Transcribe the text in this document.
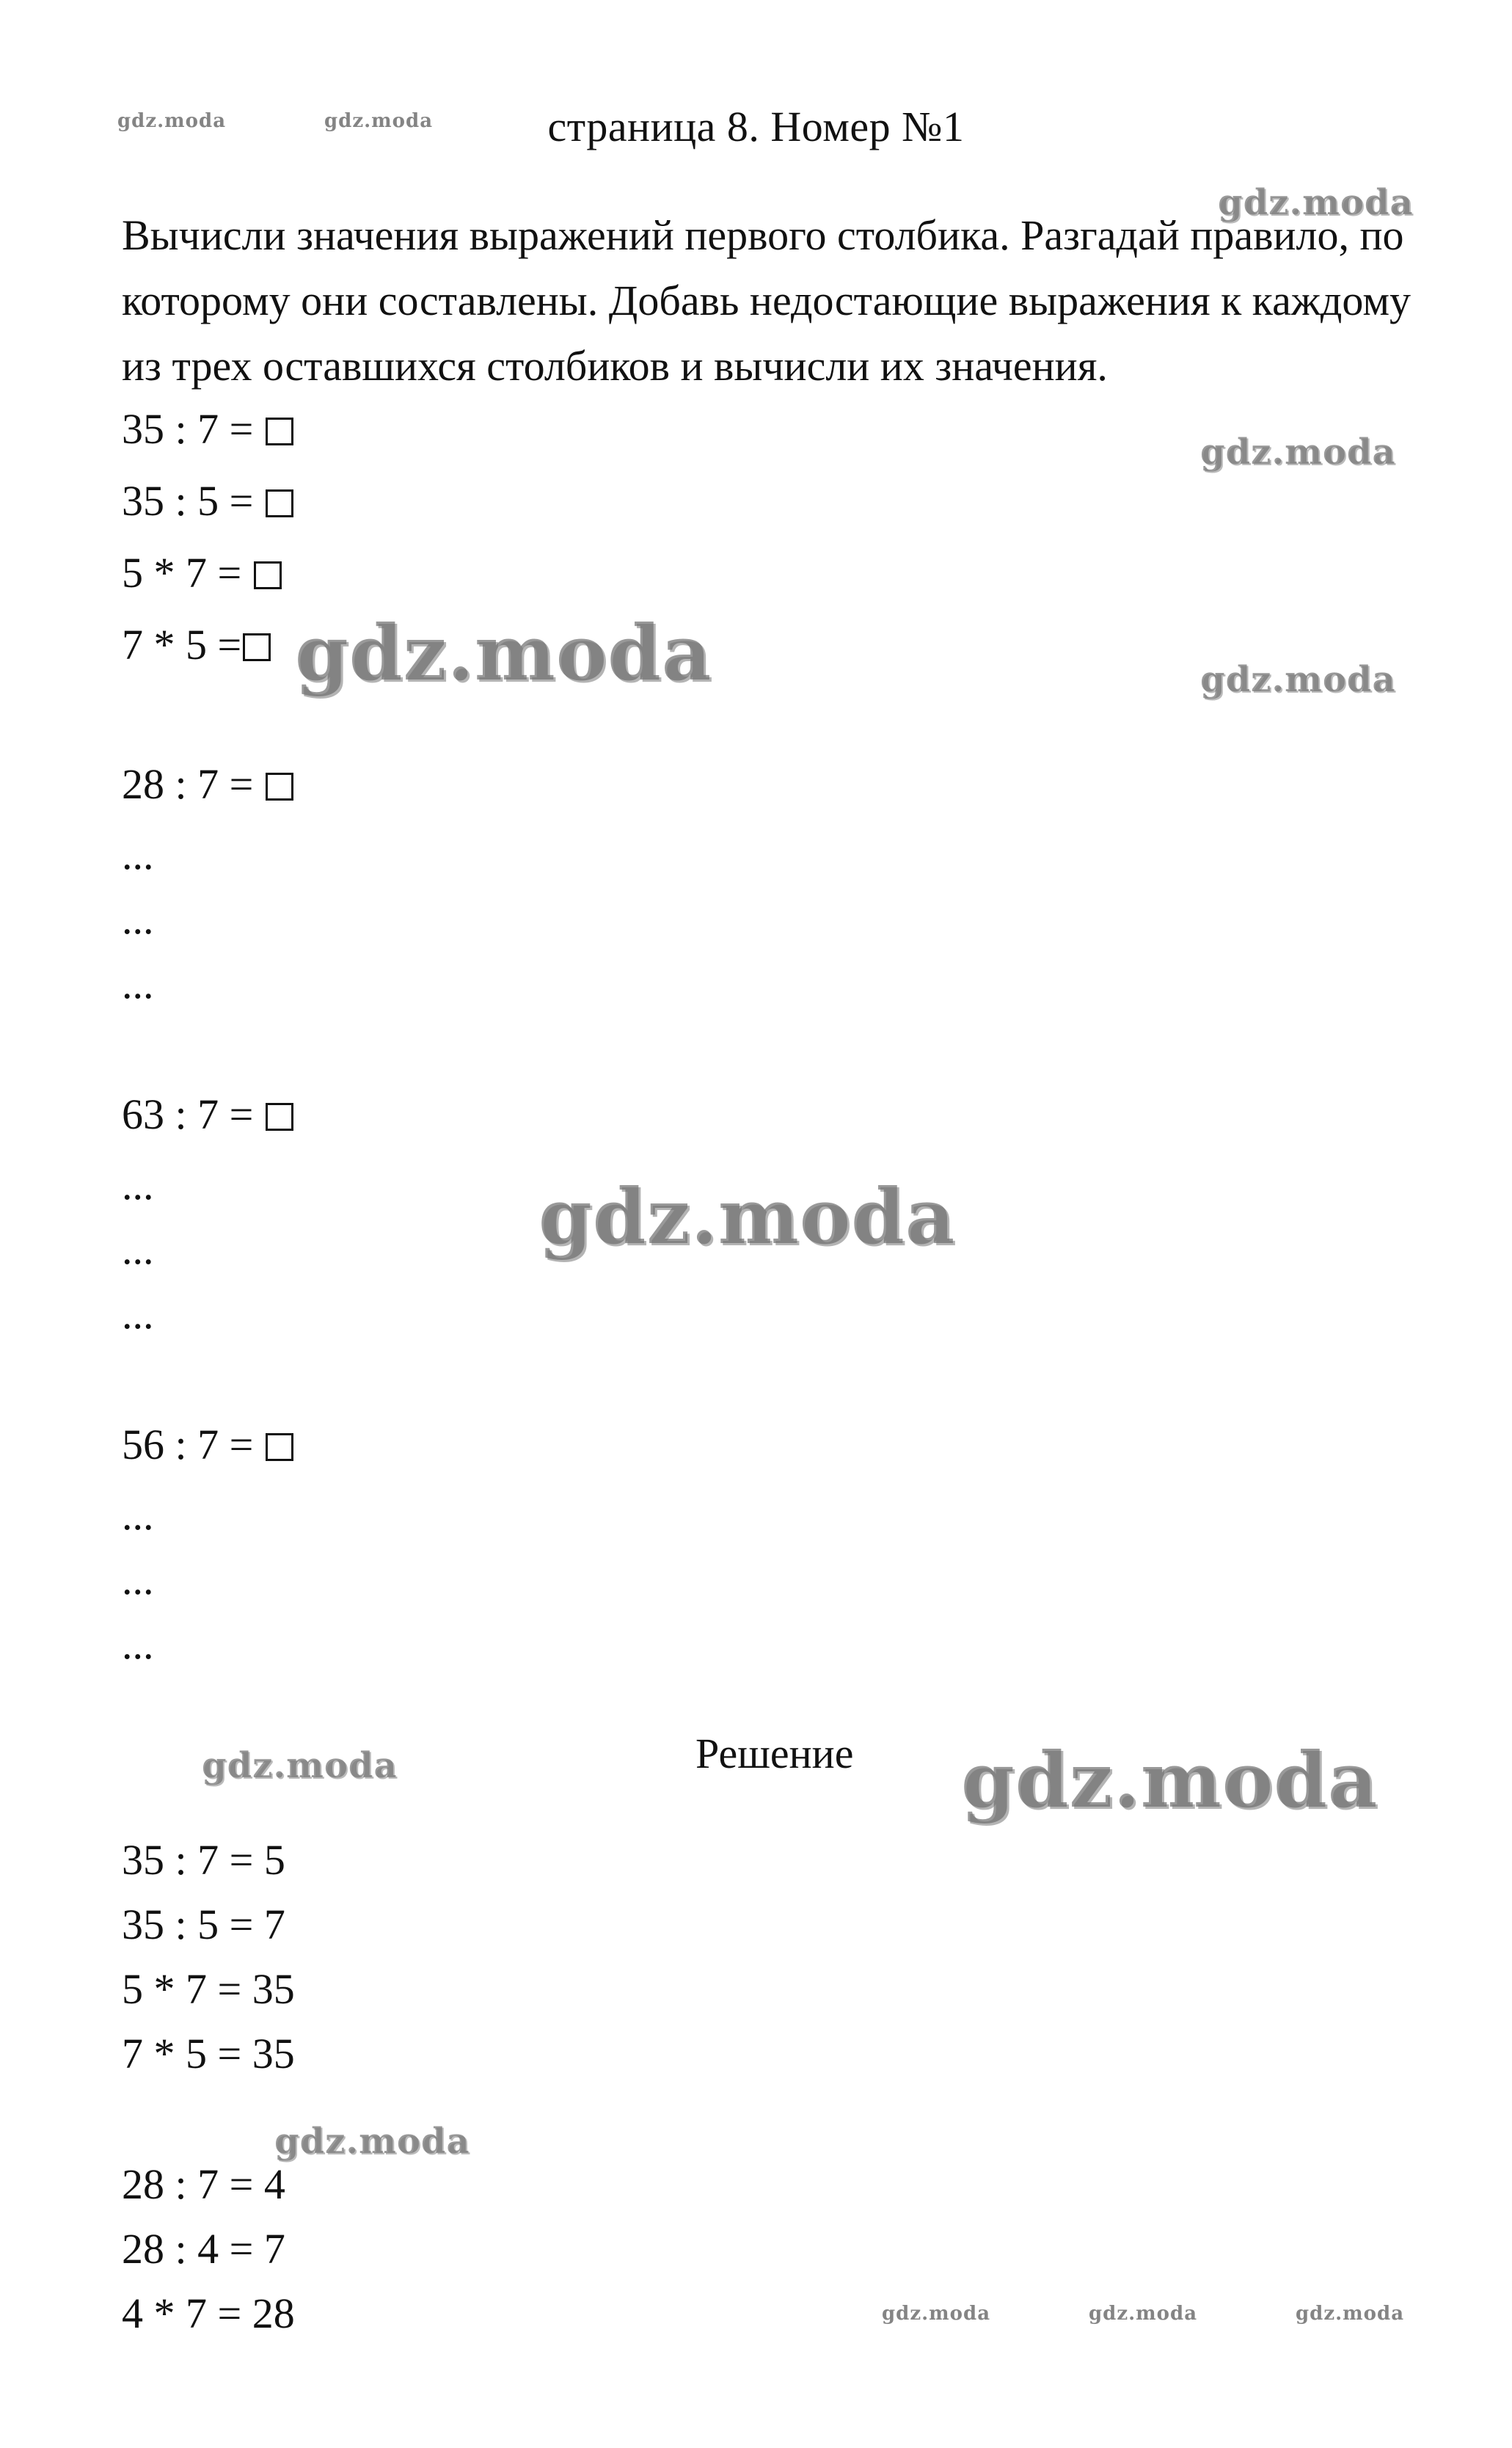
gdz.moda	gdz.moda	страница 8. Номер №1
Вычисли значения выражений первого столбика. Разгадай правило, по которому они составлены. Добавь недостающие выражения к каждому из трех оставшихся столбиков и вычисли их значения.
35 : 7 =
35 : 5 =
5 * 7 =
7 * 5 =
28 : 7 =
...
...
...
63 : 7 =
...
...
...
56 : 7 =
...
...
...
Решение
35 : 7 = 5
35 : 5 = 7
5 * 7 = 35
7 * 5 = 35
28 : 7 = 4
28 : 4 = 7
4 * 7 = 28
gdz.moda
gdz.moda
gdz.moda
gdz.moda
gdz.moda
gdz.moda	gdz.moda
gdz.moda
gdz.moda	gdz.moda	gdz.moda
